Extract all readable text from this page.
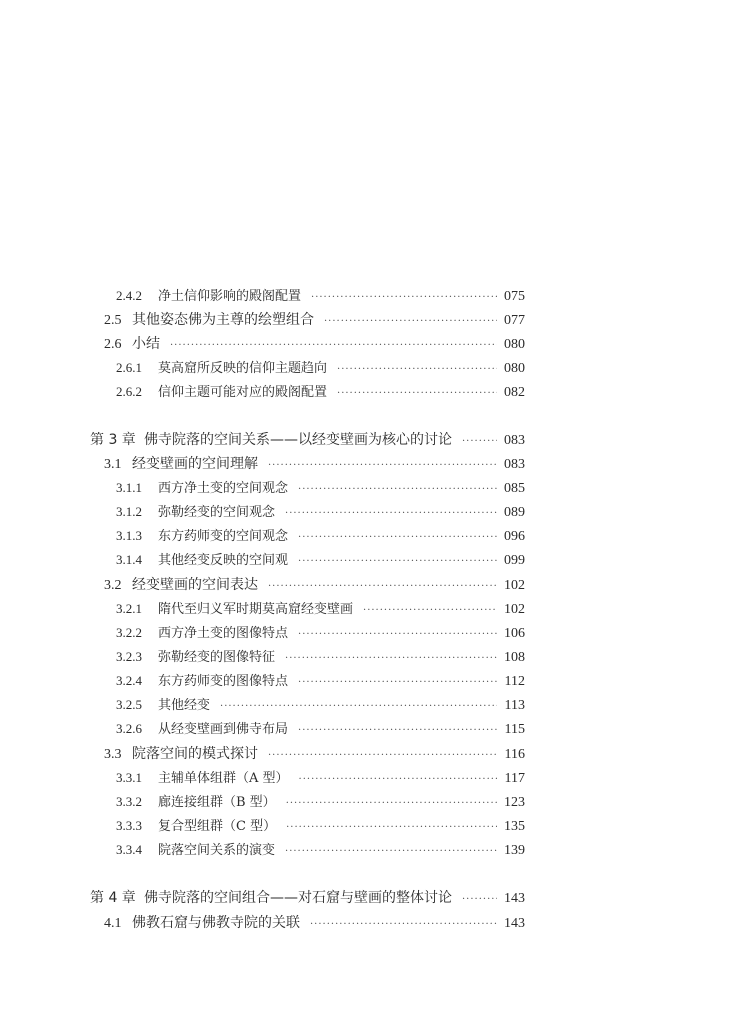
2.4.2	净土信仰影响的殿阁配置 ·····	075
2.5 其他姿态佛为主尊的绘塑组合 ·····	077
2.6 小结 ·····	080
2.6.1	莫高窟所反映的信仰主题趋向 ·····	080
2.6.2	信仰主题可能对应的殿阁配置 ·····	082
第 3 章 佛寺院落的空间关系——以经变壁画为核心的讨论 ·····	083
3.1 经变壁画的空间理解 ·····	083
3.1.1	西方净土变的空间观念 ·····	085
3.1.2	弥勒经变的空间观念 ·····	089
3.1.3	东方药师变的空间观念 ·····	096
3.1.4	其他经变反映的空间观 ·····	099
3.2 经变壁画的空间表达 ·····	102
3.2.1	隋代至归义军时期莫高窟经变壁画 ·····	102
3.2.2	西方净土变的图像特点 ·····	106
3.2.3	弥勒经变的图像特征 ·····	108
3.2.4	东方药师变的图像特点 ·····	112
3.2.5	其他经变 ·····	113
3.2.6	从经变壁画到佛寺布局 ·····	115
3.3 院落空间的模式探讨 ·····	116
3.3.1	主辅单体组群（A 型） ·····	117
3.3.2	廊连接组群（B 型） ·····	123
3.3.3	复合型组群（C 型） ·····	135
3.3.4	院落空间关系的演变 ·····	139
第 4 章 佛寺院落的空间组合——对石窟与壁画的整体讨论 ·····	143
4.1 佛教石窟与佛教寺院的关联 ·····	143
